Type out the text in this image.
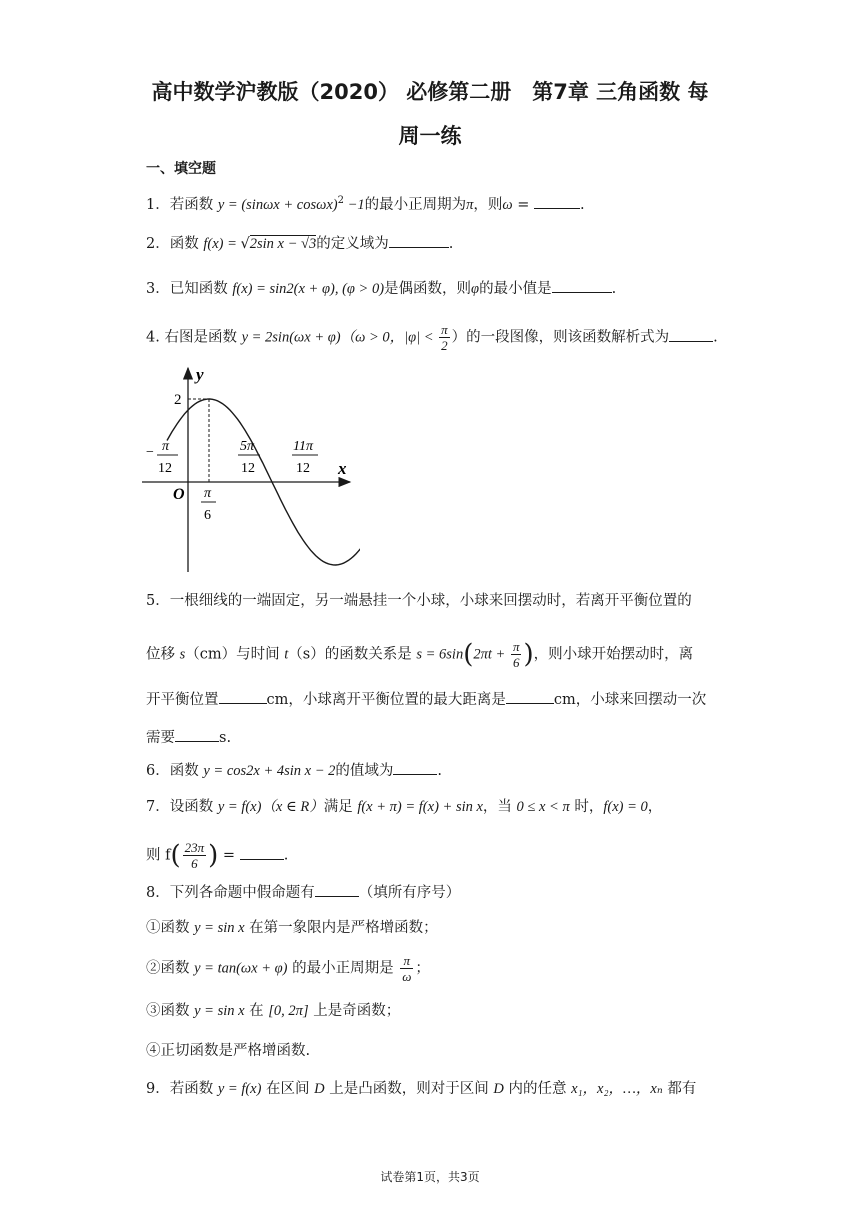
高中数学沪教版（2020） 必修第二册　第7章 三角函数 每
周一练
一、填空题
1．若函数 $y = (\sin\omega x + \cos\omega x)^2 -1$的最小正周期为π，则ω =	.
2．函数 f(x) = √2sin x − √3的定义域为	.
3．已知函数 f(x) = sin2(x + φ), (φ > 0)是偶函数，则φ的最小值是	.
4. 右图是函数 y = 2sin(ωx + φ)（ω > 0，$|\varphi| < \frac{\pi}{2}$ ）的一段图像，则该函数解析式为	.
y
x
O
2
− π
12
π
6
5π
12
11π
12
5．一根细线的一端固定，另一端悬挂一个小球，小球来回摆动时，若离开平衡位置的
位移 s（cm）与时间 t（s）的函数关系是 $s = 6\sin(2\pi t + \frac{\pi}{6}$ )，则小球开始摆动时，离
开平衡位置	cm，小球离开平衡位置的最大距离是	cm，小球来回摆动一次
需要	s.
6．函数 y = cos2x + 4sin x − 2的值域为	.
7．设函数 y = f(x)（x ∈ R）满足 f(x + π) = f(x) + sin x，当 0 ≤ x < π 时，f(x) = 0，
则 $f( \frac{23\pi}{6}$ ) =	.
8．下列各命题中假命题有	（填所有序号）
①函数 y = sin x 在第一象限内是严格增函数；
②函数 y = tan(ωx + φ) 的最小正周期是 $\frac{\pi}{\omega}$ ；
③函数 y = sin x 在 [0, 2π] 上是奇函数；
④正切函数是严格增函数.
9．若函数 y = f(x) 在区间 D 上是凸函数，则对于区间 D 内的任意 x₁，x₂，…，xₙ 都有
试卷第1页，共3页
